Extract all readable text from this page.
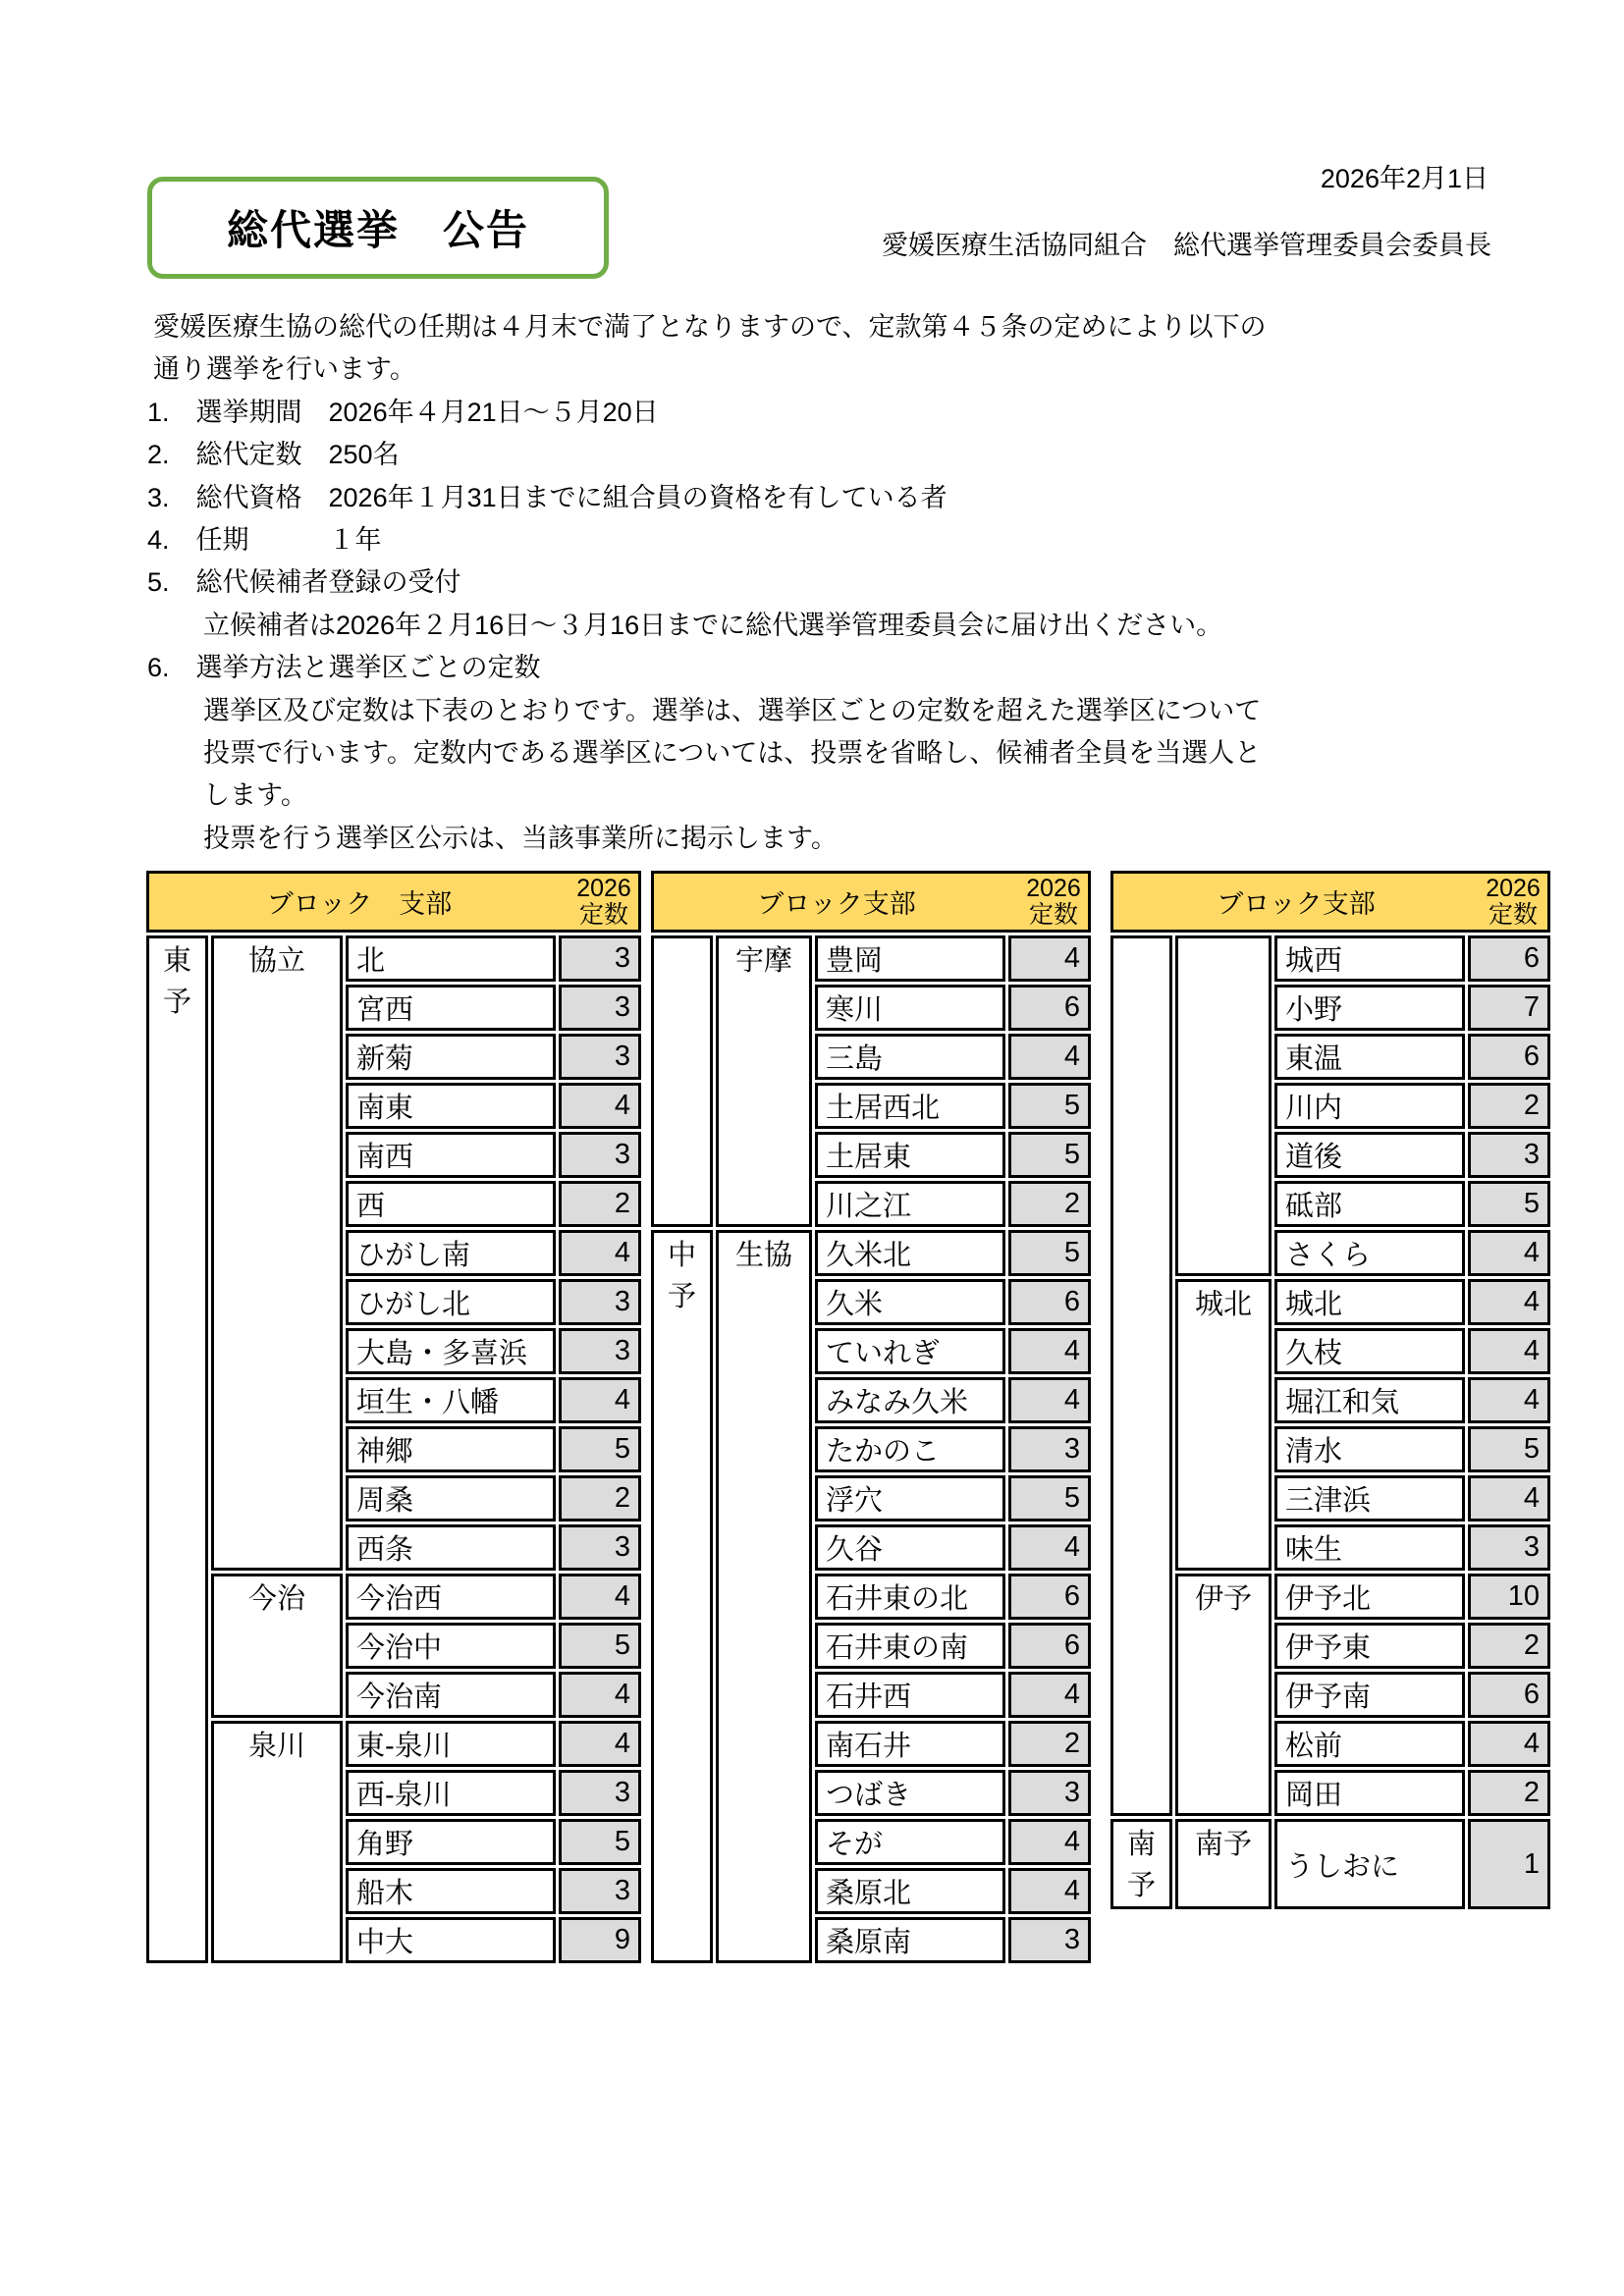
2026年2月1日
総代選挙　公告	愛媛医療生活協同組合　総代選挙管理委員会委員長
愛媛医療生協の総代の任期は４月末で満了となりますので、定款第４５条の定めにより以下の
通り選挙を行います。
1.　選挙期間　2026年４月21日～５月20日
2.　総代定数　250名
3.　総代資格　2026年１月31日までに組合員の資格を有している者
4.　任期　　　１年
5.　総代候補者登録の受付
立候補者は2026年２月16日～３月16日までに総代選挙管理委員会に届け出ください。
6.　選挙方法と選挙区ごとの定数
選挙区及び定数は下表のとおりです。選挙は、選挙区ごとの定数を超えた選挙区について
投票で行います。定数内である選挙区については、投票を省略し、候補者全員を当選人と
します。
投票を行う選挙区公示は、当該事業所に掲示します。
ブロック　支部
2026
定数			

東予	協立	北	3
		宮西	3
		新菊	3
		南東	4
		南西	3
		西	2
		ひがし南	4
		ひがし北	3
		大島・多喜浜	3
		垣生・八幡	4
		神郷	5
		周桑	2
		西条	3
	今治	今治西	4
		今治中	5
		今治南	4
	泉川	東-泉川	4
		西-泉川	3
		角野	5
		船木	3
		中大	9
ブロック支部
2026
定数			

	宇摩	豊岡	4
		寒川	6
		三島	4
		土居西北	5
		土居東	5
		川之江	2
中予	生協	久米北	5
		久米	6
		ていれぎ	4
		みなみ久米	4
		たかのこ	3
		浮穴	5
		久谷	4
		石井東の北	6
		石井東の南	6
		石井西	4
		南石井	2
		つばき	3
		そが	4
		桑原北	4
		桑原南	3
ブロック支部
2026
定数			

		城西	6
		小野	7
		東温	6
		川内	2
		道後	3
		砥部	5
		さくら	4
	城北	城北	4
		久枝	4
		堀江和気	4
		清水	5
		三津浜	4
		味生	3
	伊予	伊予北	10
		伊予東	2
		伊予南	6
		松前	4
		岡田	2
南予	南予	うしおに	1
